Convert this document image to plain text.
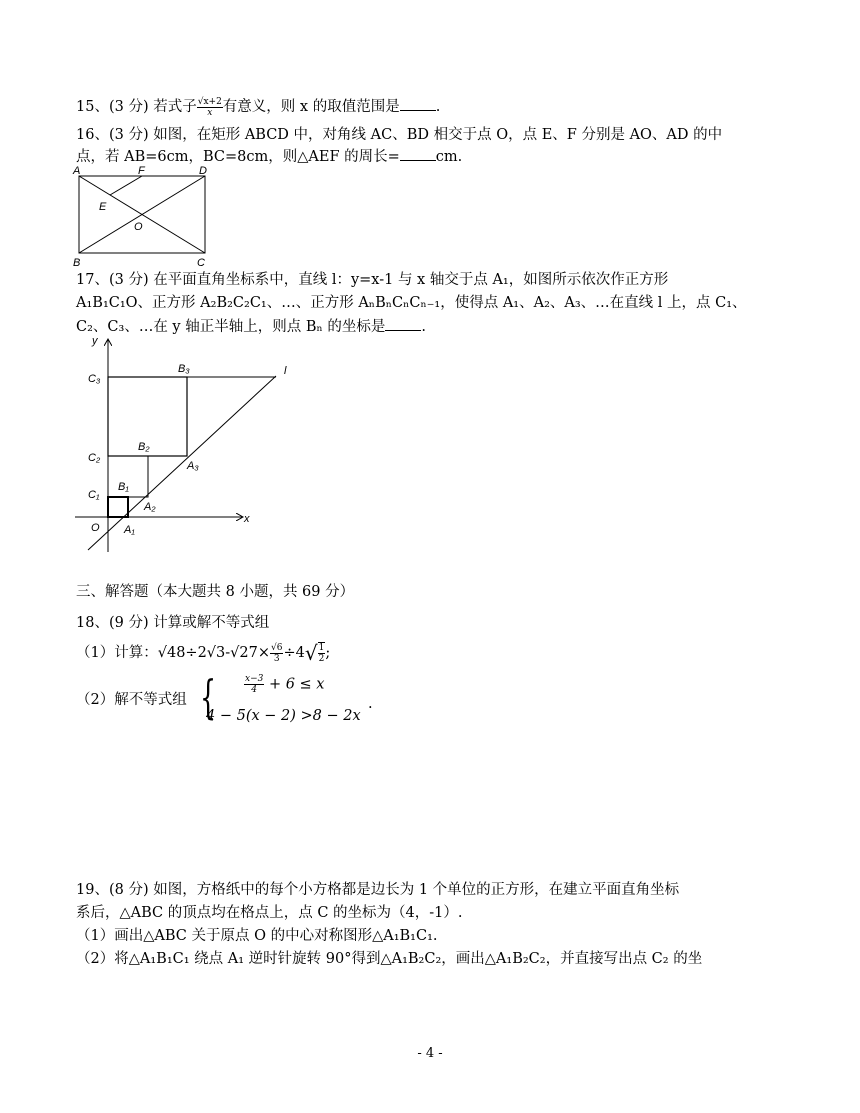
15、(3 分) 若式子 $\frac{√x+2}{x}$ 有意义，则 x 的取值范围是 .
16、(3 分) 如图，在矩形 ABCD 中，对角线 AC、BD 相交于点 O，点 E、F 分别是 AO、AD 的中
点，若 AB=6cm，BC=8cm，则△AEF 的周长= cm.
A	F	D
E
O
B	C
17、(3 分) 在平面直角坐标系中，直线 l：y=x-1 与 x 轴交于点 A₁，如图所示依次作正方形
A₁B₁C₁O、正方形 A₂B₂C₂C₁、…、正方形 AₙBₙCₙCₙ₋₁，使得点 A₁、A₂、A₃、…在直线 l 上，点 C₁、
C₂、C₃、…在 y 轴正半轴上，则点 Bₙ 的坐标是 .
y
x
l
O
C₃
B₃
C₂
B₂
A₃
C₁
B₁
A₂
A₁
三、解答题（本大题共 8 小题，共 69 分）
18、(9 分) 计算或解不等式组
（1）计算：$√48\div 2√3-√27\times \frac{√6}{3} \div 4√ \frac{1}{2}$ ;
（2）解不等式组 {	$\frac{x-3}{4} + 6 \le x$
4 − 5(x − 2) >8 − 2x
.
19、(8 分) 如图，方格纸中的每个小方格都是边长为 1 个单位的正方形，在建立平面直角坐标
系后，△ABC 的顶点均在格点上，点 C 的坐标为（4，-1）.
（1）画出△ABC 关于原点 O 的中心对称图形△A₁B₁C₁.
（2）将△A₁B₁C₁ 绕点 A₁ 逆时针旋转 90°得到△A₁B₂C₂，画出△A₁B₂C₂，并直接写出点 C₂ 的坐
- 4 -
